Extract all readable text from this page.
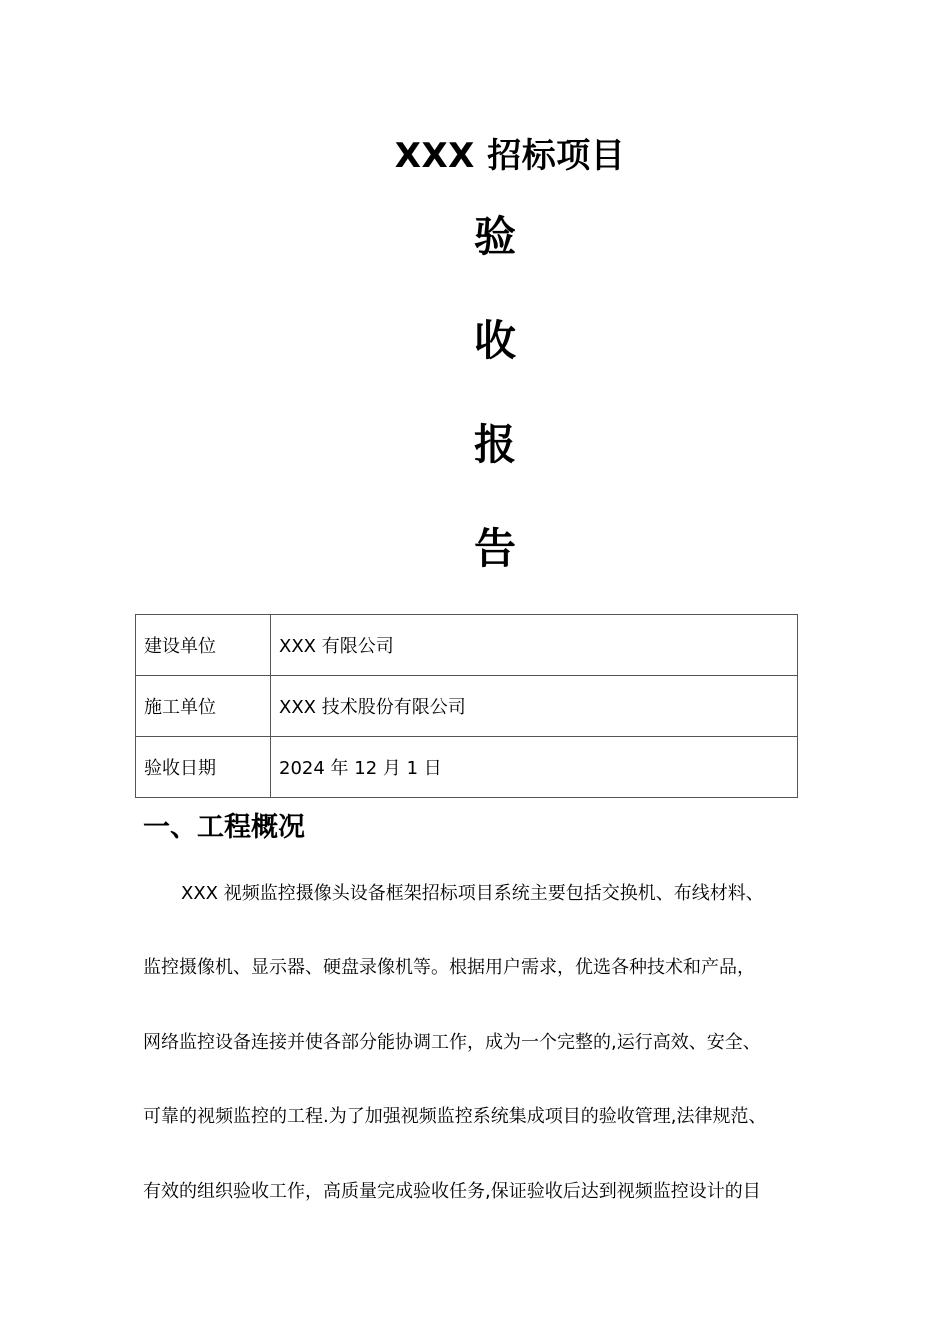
XXX 招标项目
验
收
报
告
建设单位	XXX 有限公司
施工单位	XXX 技术股份有限公司
验收日期	2024 年 12 月 1 日
一、工程概况
XXX 视频监控摄像头设备框架招标项目系统主要包括交换机、布线材料、
监控摄像机、显示器、硬盘录像机等。根据用户需求，优选各种技术和产品，
网络监控设备连接并使各部分能协调工作，成为一个完整的,运行高效、安全、
可靠的视频监控的工程.为了加强视频监控系统集成项目的验收管理,法律规范、
有效的组织验收工作，高质量完成验收任务,保证验收后达到视频监控设计的目
